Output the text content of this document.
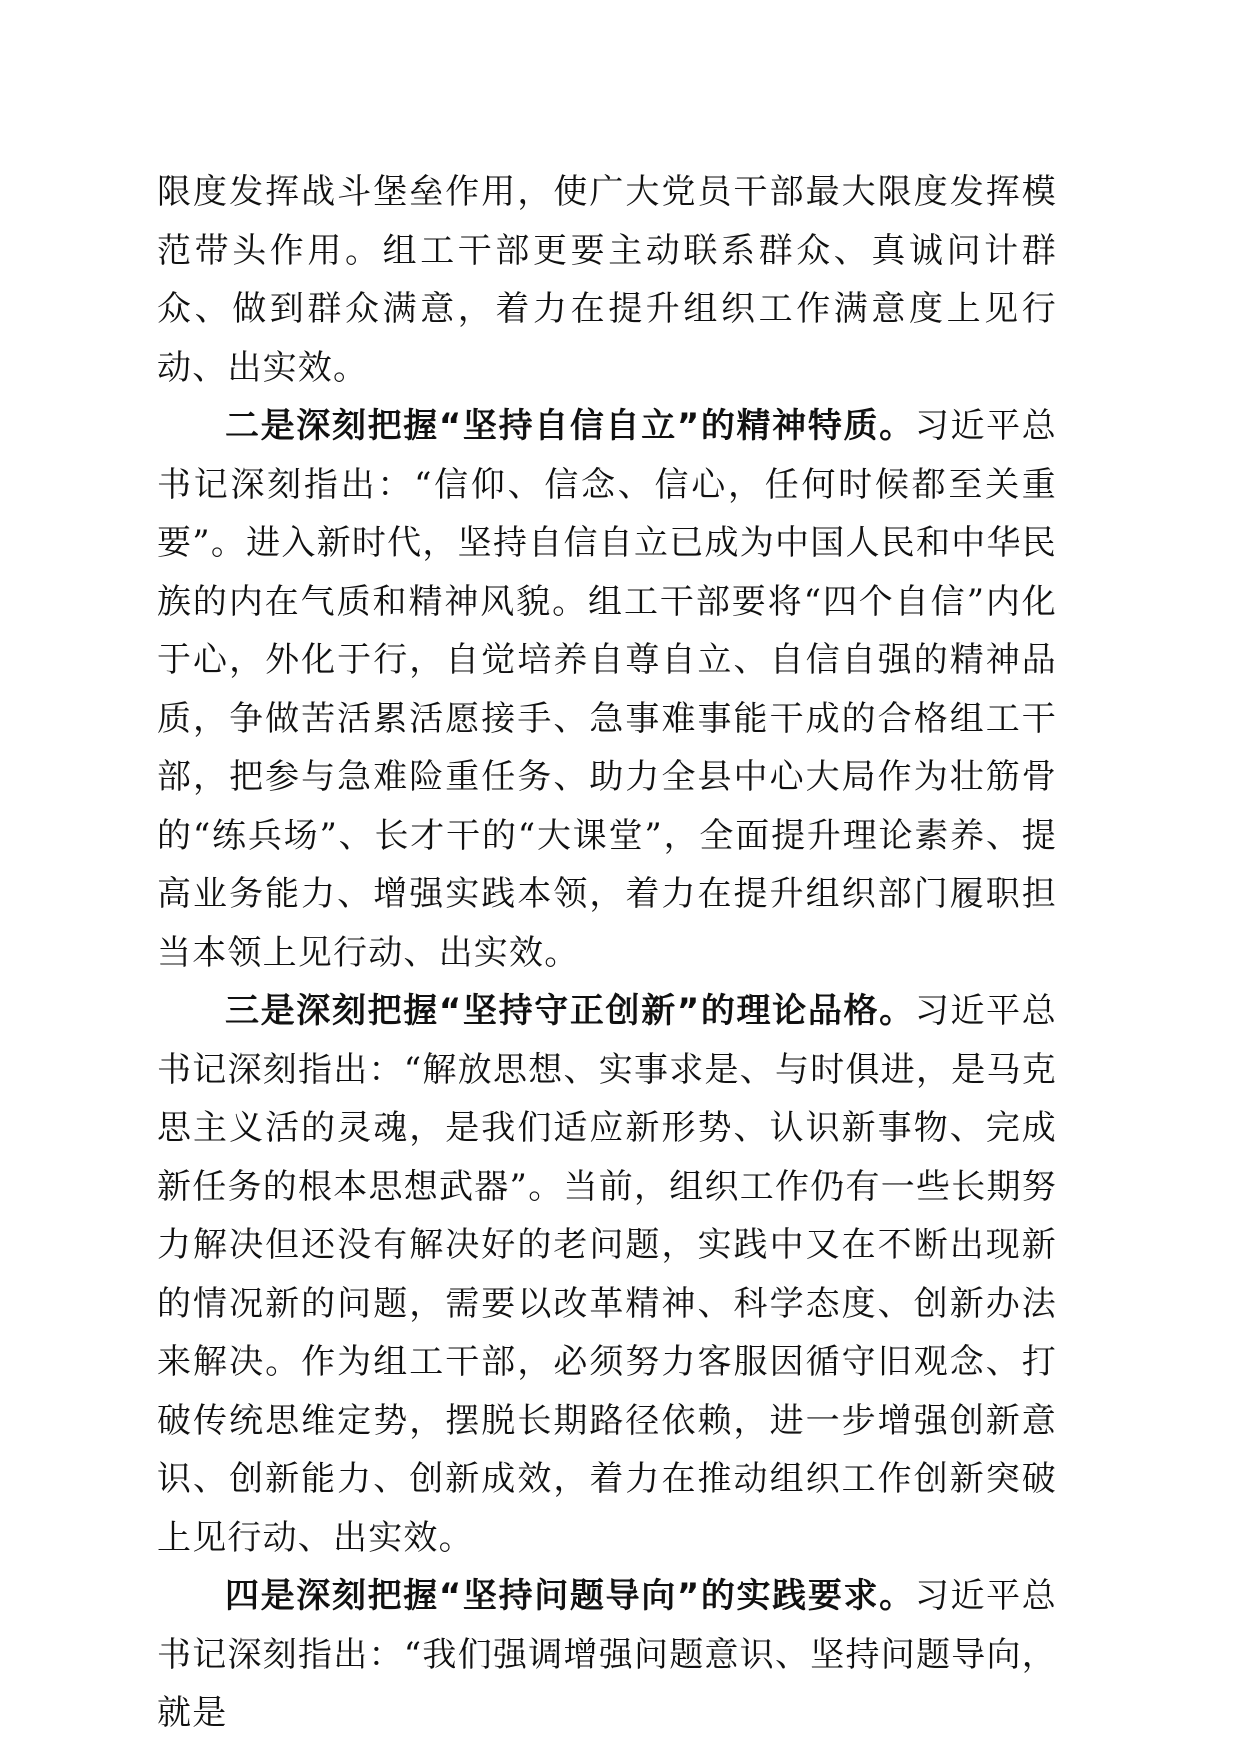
限度发挥战斗堡垒作用，使广大党员干部最大限度发挥模范带头作用。组工干部更要主动联系群众、真诚问计群众、做到群众满意，着力在提升组织工作满意度上见行动、出实效。

二是深刻把握“坚持自信自立”的精神特质。习近平总书记深刻指出：“信仰、信念、信心，任何时候都至关重要”。进入新时代，坚持自信自立已成为中国人民和中华民族的内在气质和精神风貌。组工干部要将“四个自信”内化于心，外化于行，自觉培养自尊自立、自信自强的精神品质，争做苦活累活愿接手、急事难事能干成的合格组工干部，把参与急难险重任务、助力全县中心大局作为壮筋骨的“练兵场”、长才干的“大课堂”，全面提升理论素养、提高业务能力、增强实践本领，着力在提升组织部门履职担当本领上见行动、出实效。

三是深刻把握“坚持守正创新”的理论品格。习近平总书记深刻指出：“解放思想、实事求是、与时俱进，是马克思主义活的灵魂，是我们适应新形势、认识新事物、完成新任务的根本思想武器”。当前，组织工作仍有一些长期努力解决但还没有解决好的老问题，实践中又在不断出现新的情况新的问题，需要以改革精神、科学态度、创新办法来解决。作为组工干部，必须努力客服因循守旧观念、打破传统思维定势，摆脱长期路径依赖，进一步增强创新意识、创新能力、创新成效，着力在推动组织工作创新突破上见行动、出实效。

四是深刻把握“坚持问题导向”的实践要求。习近平总书记深刻指出：“我们强调增强问题意识、坚持问题导向，就是
